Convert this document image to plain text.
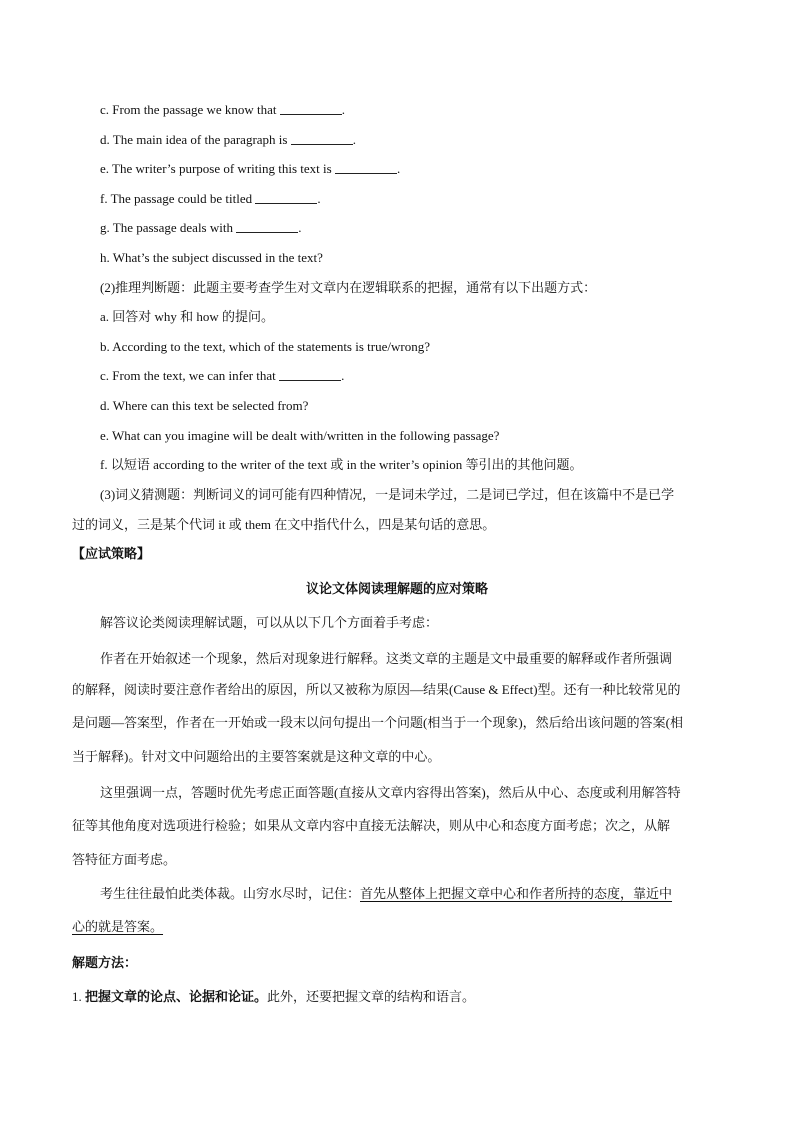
c. From the passage we know that	.
d. The main idea of the paragraph is	.
e. The writer’s purpose of writing this text is	.
f. The passage could be titled	.
g. The passage deals with	.
h. What’s the subject discussed in the text?
(2)推理判断题：此题主要考查学生对文章内在逻辑联系的把握，通常有以下出题方式：
a. 回答对 why 和 how 的提问。
b. According to the text, which of the statements is true/wrong?
c. From the text, we can infer that	.
d. Where can this text be selected from?
e. What can you imagine will be dealt with/written in the following passage?
f. 以短语 according to the writer of the text 或 in the writer’s opinion 等引出的其他问题。
(3)词义猜测题：判断词义的词可能有四种情况，一是词未学过，二是词已学过，但在该篇中不是已学
过的词义，三是某个代词 it 或 them 在文中指代什么，四是某句话的意思。
【应试策略】
议论文体阅读理解题的应对策略
解答议论类阅读理解试题，可以从以下几个方面着手考虑：
作者在开始叙述一个现象，然后对现象进行解释。这类文章的主题是文中最重要的解释或作者所强调
的解释，阅读时要注意作者给出的原因，所以又被称为原因—结果(Cause & Effect)型。还有一种比较常见的
是问题—答案型，作者在一开始或一段末以问句提出一个问题(相当于一个现象)，然后给出该问题的答案(相
当于解释)。针对文中问题给出的主要答案就是这种文章的中心。
这里强调一点，答题时优先考虑正面答题(直接从文章内容得出答案)，然后从中心、态度或利用解答特
征等其他角度对选项进行检验；如果从文章内容中直接无法解决，则从中心和态度方面考虑；次之，从解
答特征方面考虑。
考生往往最怕此类体裁。山穷水尽时，记住：首先从整体上把握文章中心和作者所持的态度，靠近中
心的就是答案。
解题方法：
1. 把握文章的论点、论据和论证。此外，还要把握文章的结构和语言。
